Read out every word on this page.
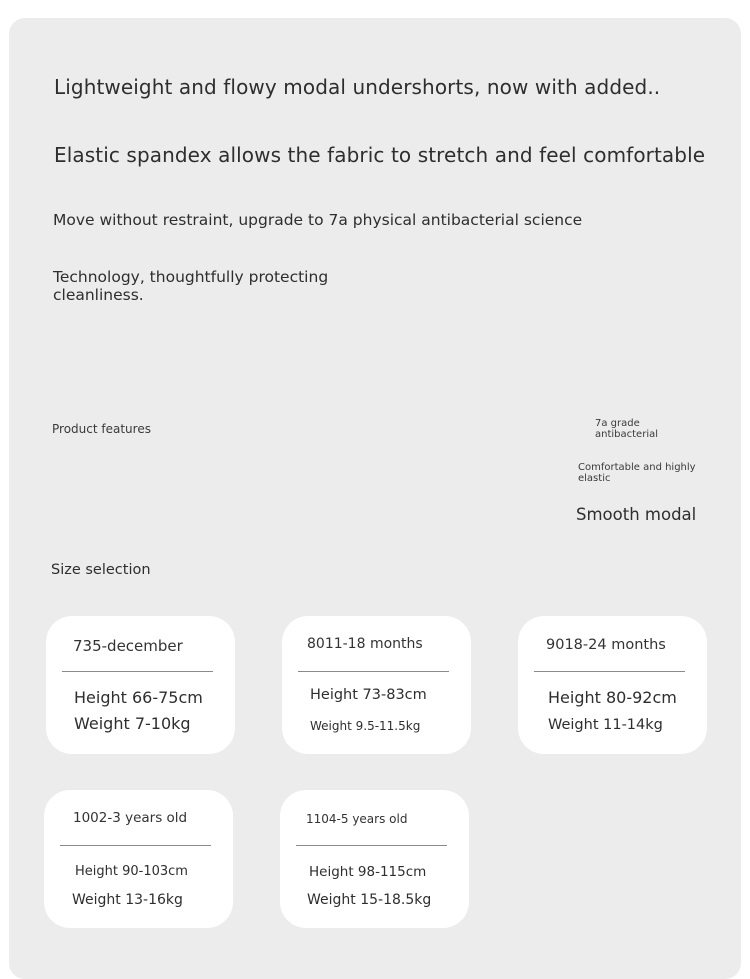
Lightweight and flowy modal undershorts, now with added..
Elastic spandex allows the fabric to stretch and feel comfortable
Move without restraint, upgrade to 7a physical antibacterial science
Technology, thoughtfully protecting
cleanliness.
Product features	7a grade antibacterial
Comfortable and highly elastic
Smooth modal
Size selection
735-december
Height 66-75cm
Weight 7-10kg
8011-18 months
Height 73-83cm
Weight 9.5-11.5kg
9018-24 months
Height 80-92cm
Weight 11-14kg
1002-3 years old
Height 90-103cm
Weight 13-16kg
1104-5 years old
Height 98-115cm
Weight 15-18.5kg
